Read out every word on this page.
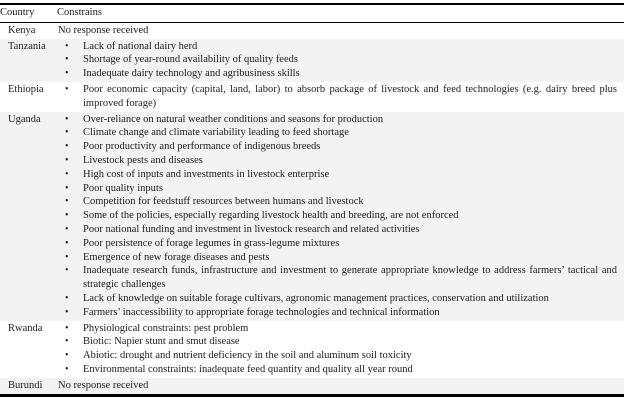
Country	Constrains
Kenya	No response received
Tanzania	• Lack of national dairy herd
• Shortage of year-round availability of quality feeds
• Inadequate dairy technology and agribusiness skills

Ethiopia	• Poor economic capacity (capital, land, labor) to absorb package of livestock and feed technologies (e.g. dairy breed plus improved forage)

Uganda	• Over-reliance on natural weather conditions and seasons for production
• Climate change and climate variability leading to feed shortage
• Poor productivity and performance of indigenous breeds
• Livestock pests and diseases
• High cost of inputs and investments in livestock enterprise
• Poor quality inputs
• Competition for feedstuff resources between humans and livestock
• Some of the policies, especially regarding livestock health and breeding, are not enforced
• Poor national funding and investment in livestock research and related activities
• Poor persistence of forage legumes in grass-legume mixtures
• Emergence of new forage diseases and pests
• Inadequate research funds, infrastructure and investment to generate appropriate knowledge to address farmers’ tactical and strategic challenges
• Lack of knowledge on suitable forage cultivars, agronomic management practices, conservation and utilization
• Farmers’ inaccessibility to appropriate forage technologies and technical information

Rwanda	• Physiological constraints: pest problem
• Biotic: Napier stunt and smut disease
• Abiotic: drought and nutrient deficiency in the soil and aluminum soil toxicity
• Environmental constraints: inadequate feed quantity and quality all year round

Burundi	No response received
